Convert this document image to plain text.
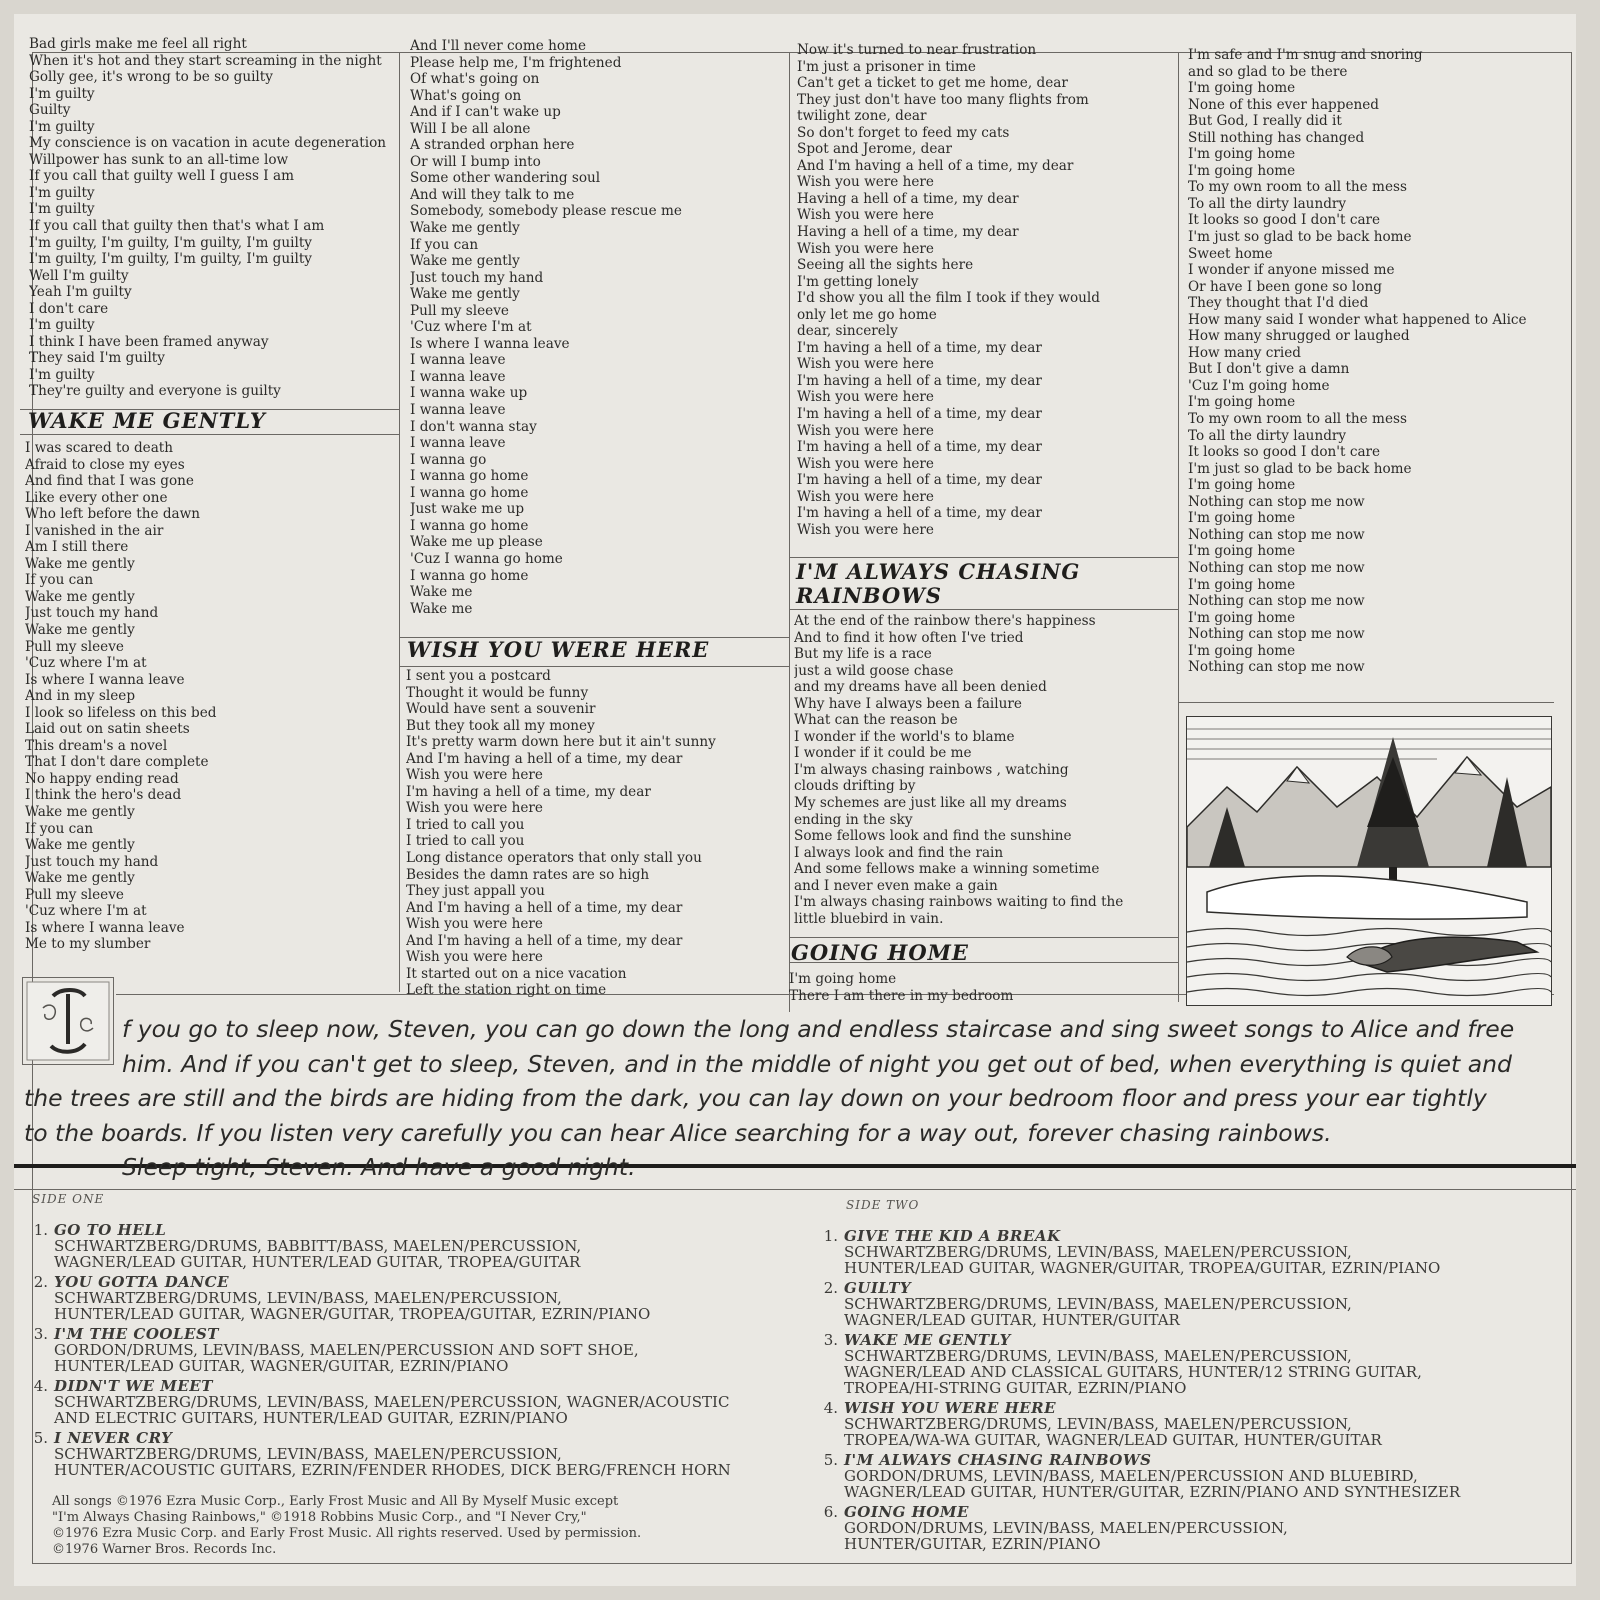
Bad girls make me feel all right
When it's hot and they start screaming in the night
Golly gee, it's wrong to be so guilty
I'm guilty
Guilty
I'm guilty
My conscience is on vacation in acute degeneration
Willpower has sunk to an all-time low
If you call that guilty well I guess I am
I'm guilty
I'm guilty
If you call that guilty then that's what I am
I'm guilty, I'm guilty, I'm guilty, I'm guilty
I'm guilty, I'm guilty, I'm guilty, I'm guilty
Well I'm guilty
Yeah I'm guilty
I don't care
I'm guilty
I think I have been framed anyway
They said I'm guilty
I'm guilty
They're guilty and everyone is guilty
WAKE ME GENTLY
I was scared to death
Afraid to close my eyes
And find that I was gone
Like every other one
Who left before the dawn
I vanished in the air
Am I still there
Wake me gently
If you can
Wake me gently
Just touch my hand
Wake me gently
Pull my sleeve
'Cuz where I'm at
Is where I wanna leave
And in my sleep
I look so lifeless on this bed
Laid out on satin sheets
This dream's a novel
That I don't dare complete
No happy ending read
I think the hero's dead
Wake me gently
If you can
Wake me gently
Just touch my hand
Wake me gently
Pull my sleeve
'Cuz where I'm at
Is where I wanna leave
Me to my slumber
And I'll never come home
Please help me, I'm frightened
Of what's going on
What's going on
And if I can't wake up
Will I be all alone
A stranded orphan here
Or will I bump into
Some other wandering soul
And will they talk to me
Somebody, somebody please rescue me
Wake me gently
If you can
Wake me gently
Just touch my hand
Wake me gently
Pull my sleeve
'Cuz where I'm at
Is where I wanna leave
I wanna leave
I wanna leave
I wanna wake up
I wanna leave
I don't wanna stay
I wanna leave
I wanna go
I wanna go home
I wanna go home
Just wake me up
I wanna go home
Wake me up please
'Cuz I wanna go home
I wanna go home
Wake me
Wake me
WISH YOU WERE HERE
I sent you a postcard
Thought it would be funny
Would have sent a souvenir
But they took all my money
It's pretty warm down here but it ain't sunny
And I'm having a hell of a time, my dear
Wish you were here
I'm having a hell of a time, my dear
Wish you were here
I tried to call you
I tried to call you
Long distance operators that only stall you
Besides the damn rates are so high
They just appall you
And I'm having a hell of a time, my dear
Wish you were here
And I'm having a hell of a time, my dear
Wish you were here
It started out on a nice vacation
Left the station right on time
Now it's turned to near frustration
I'm just a prisoner in time
Can't get a ticket to get me home, dear
They just don't have too many flights from
twilight zone, dear
So don't forget to feed my cats
Spot and Jerome, dear
And I'm having a hell of a time, my dear
Wish you were here
Having a hell of a time, my dear
Wish you were here
Having a hell of a time, my dear
Wish you were here
Seeing all the sights here
I'm getting lonely
I'd show you all the film I took if they would
only let me go home
dear, sincerely
I'm having a hell of a time, my dear
Wish you were here
I'm having a hell of a time, my dear
Wish you were here
I'm having a hell of a time, my dear
Wish you were here
I'm having a hell of a time, my dear
Wish you were here
I'm having a hell of a time, my dear
Wish you were here
I'm having a hell of a time, my dear
Wish you were here
I'M ALWAYS CHASING
RAINBOWS
At the end of the rainbow there's happiness
And to find it how often I've tried
But my life is a race
just a wild goose chase
and my dreams have all been denied
Why have I always been a failure
What can the reason be
I wonder if the world's to blame
I wonder if it could be me
I'm always chasing rainbows , watching
clouds drifting by
My schemes are just like all my dreams
ending in the sky
Some fellows look and find the sunshine
I always look and find the rain
And some fellows make a winning sometime
and I never even make a gain
I'm always chasing rainbows waiting to find the
little bluebird in vain.
GOING HOME
I'm going home
There I am there in my bedroom
I'm safe and I'm snug and snoring
and so glad to be there
I'm going home
None of this ever happened
But God, I really did it
Still nothing has changed
I'm going home
I'm going home
To my own room to all the mess
To all the dirty laundry
It looks so good I don't care
I'm just so glad to be back home
Sweet home
I wonder if anyone missed me
Or have I been gone so long
They thought that I'd died
How many said I wonder what happened to Alice
How many shrugged or laughed
How many cried
But I don't give a damn
'Cuz I'm going home
I'm going home
To my own room to all the mess
To all the dirty laundry
It looks so good I don't care
I'm just so glad to be back home
I'm going home
Nothing can stop me now
I'm going home
Nothing can stop me now
I'm going home
Nothing can stop me now
I'm going home
Nothing can stop me now
I'm going home
Nothing can stop me now
I'm going home
Nothing can stop me now
f you go to sleep now, Steven, you can go down the long and endless staircase and sing sweet songs to Alice and free
him. And if you can't get to sleep, Steven, and in the middle of night you get out of bed, when everything is quiet and
the trees are still and the birds are hiding from the dark, you can lay down on your bedroom floor and press your ear tightly
to the boards. If you listen very carefully you can hear Alice searching for a way out, forever chasing rainbows.
Sleep tight, Steven. And have a good night.
SIDE ONE	SIDE TWO
1. GO TO HELL
SCHWARTZBERG/DRUMS, BABBITT/BASS, MAELEN/PERCUSSION,
WAGNER/LEAD GUITAR, HUNTER/LEAD GUITAR, TROPEA/GUITAR
2. YOU GOTTA DANCE
SCHWARTZBERG/DRUMS, LEVIN/BASS, MAELEN/PERCUSSION,
HUNTER/LEAD GUITAR, WAGNER/GUITAR, TROPEA/GUITAR, EZRIN/PIANO
3. I'M THE COOLEST
GORDON/DRUMS, LEVIN/BASS, MAELEN/PERCUSSION AND SOFT SHOE,
HUNTER/LEAD GUITAR, WAGNER/GUITAR, EZRIN/PIANO
4. DIDN'T WE MEET
SCHWARTZBERG/DRUMS, LEVIN/BASS, MAELEN/PERCUSSION, WAGNER/ACOUSTIC
AND ELECTRIC GUITARS, HUNTER/LEAD GUITAR, EZRIN/PIANO
5. I NEVER CRY
SCHWARTZBERG/DRUMS, LEVIN/BASS, MAELEN/PERCUSSION,
HUNTER/ACOUSTIC GUITARS, EZRIN/FENDER RHODES, DICK BERG/FRENCH HORN
1. GIVE THE KID A BREAK
SCHWARTZBERG/DRUMS, LEVIN/BASS, MAELEN/PERCUSSION,
HUNTER/LEAD GUITAR, WAGNER/GUITAR, TROPEA/GUITAR, EZRIN/PIANO
2. GUILTY
SCHWARTZBERG/DRUMS, LEVIN/BASS, MAELEN/PERCUSSION,
WAGNER/LEAD GUITAR, HUNTER/GUITAR
3. WAKE ME GENTLY
SCHWARTZBERG/DRUMS, LEVIN/BASS, MAELEN/PERCUSSION,
WAGNER/LEAD AND CLASSICAL GUITARS, HUNTER/12 STRING GUITAR,
TROPEA/HI-STRING GUITAR, EZRIN/PIANO
4. WISH YOU WERE HERE
SCHWARTZBERG/DRUMS, LEVIN/BASS, MAELEN/PERCUSSION,
TROPEA/WA-WA GUITAR, WAGNER/LEAD GUITAR, HUNTER/GUITAR
5. I'M ALWAYS CHASING RAINBOWS
GORDON/DRUMS, LEVIN/BASS, MAELEN/PERCUSSION AND BLUEBIRD,
WAGNER/LEAD GUITAR, HUNTER/GUITAR, EZRIN/PIANO AND SYNTHESIZER
6. GOING HOME
GORDON/DRUMS, LEVIN/BASS, MAELEN/PERCUSSION,
HUNTER/GUITAR, EZRIN/PIANO
All songs ©1976 Ezra Music Corp., Early Frost Music and All By Myself Music except
"I'm Always Chasing Rainbows," ©1918 Robbins Music Corp., and "I Never Cry,"
©1976 Ezra Music Corp. and Early Frost Music. All rights reserved. Used by permission.
©1976 Warner Bros. Records Inc.
